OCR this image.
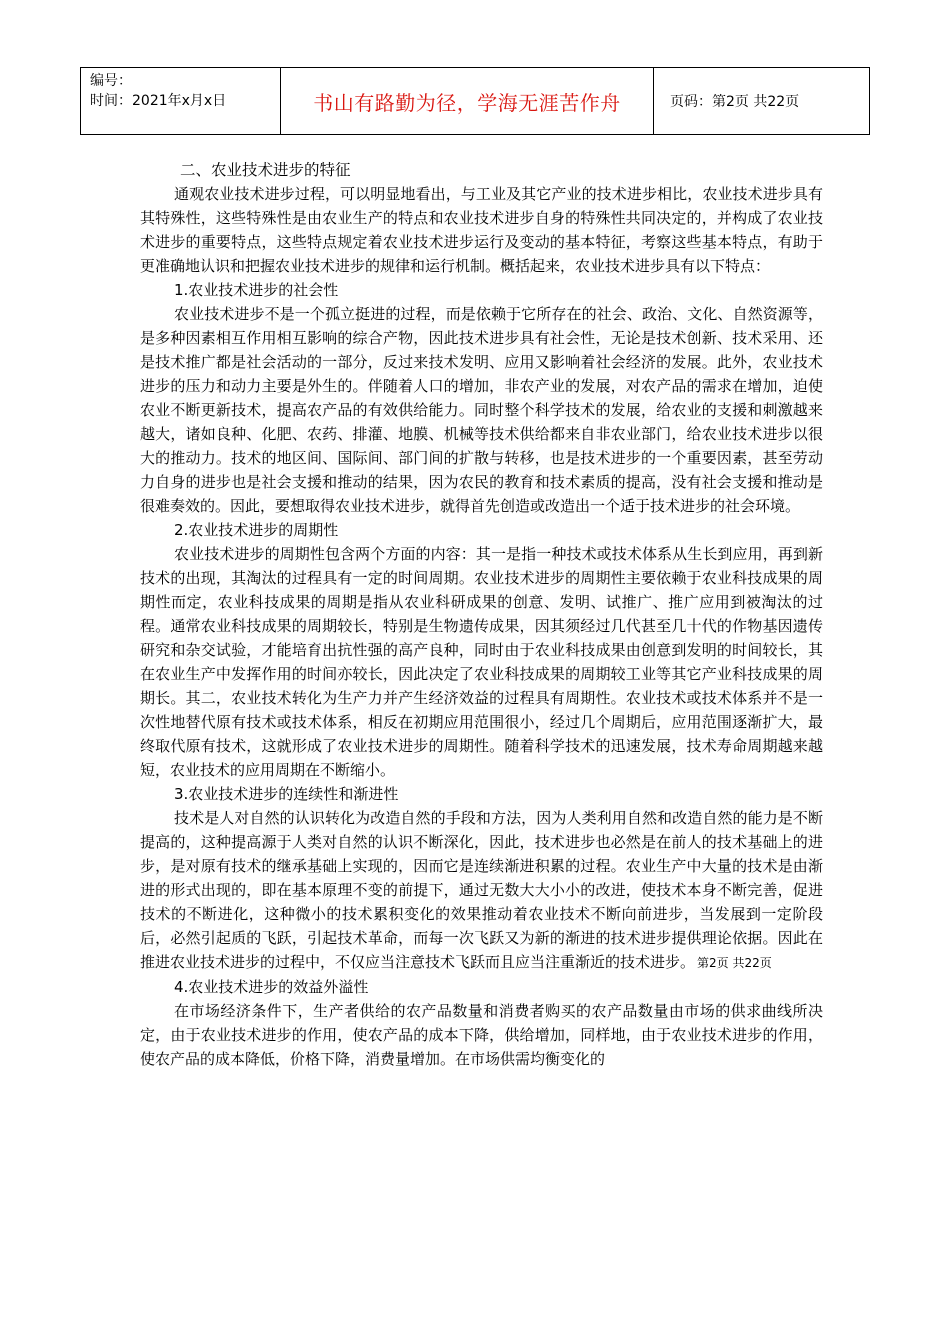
编号：
时间：2021年x月x日	书山有路勤为径，学海无涯苦作舟	页码：第2页 共22页

二、农业技术进步的特征

通观农业技术进步过程，可以明显地看出，与工业及其它产业的技术进步相比，农业技术进步具有其特殊性，这些特殊性是由农业生产的特点和农业技术进步自身的特殊性共同决定的，并构成了农业技术进步的重要特点，这些特点规定着农业技术进步运行及变动的基本特征，考察这些基本特点，有助于更准确地认识和把握农业技术进步的规律和运行机制。概括起来，农业技术进步具有以下特点：

1.农业技术进步的社会性

农业技术进步不是一个孤立挺进的过程，而是依赖于它所存在的社会、政治、文化、自然资源等，是多种因素相互作用相互影响的综合产物，因此技术进步具有社会性，无论是技术创新、技术采用、还是技术推广都是社会活动的一部分，反过来技术发明、应用又影响着社会经济的发展。此外，农业技术进步的压力和动力主要是外生的。伴随着人口的增加，非农产业的发展，对农产品的需求在增加，迫使农业不断更新技术，提高农产品的有效供给能力。同时整个科学技术的发展，给农业的支援和刺激越来越大，诸如良种、化肥、农药、排灌、地膜、机械等技术供给都来自非农业部门，给农业技术进步以很大的推动力。技术的地区间、国际间、部门间的扩散与转移，也是技术进步的一个重要因素，甚至劳动力自身的进步也是社会支援和推动的结果，因为农民的教育和技术素质的提高，没有社会支援和推动是很难奏效的。因此，要想取得农业技术进步，就得首先创造或改造出一个适于技术进步的社会环境。

2.农业技术进步的周期性

农业技术进步的周期性包含两个方面的内容：其一是指一种技术或技术体系从生长到应用，再到新技术的出现，其淘汰的过程具有一定的时间周期。农业技术进步的周期性主要依赖于农业科技成果的周期性而定，农业科技成果的周期是指从农业科研成果的创意、发明、试推广、推广应用到被淘汰的过程。通常农业科技成果的周期较长，特别是生物遗传成果，因其须经过几代甚至几十代的作物基因遗传研究和杂交试验，才能培育出抗性强的高产良种，同时由于农业科技成果由创意到发明的时间较长，其在农业生产中发挥作用的时间亦较长，因此决定了农业科技成果的周期较工业等其它产业科技成果的周期长。其二，农业技术转化为生产力并产生经济效益的过程具有周期性。农业技术或技术体系并不是一次性地替代原有技术或技术体系，相反在初期应用范围很小，经过几个周期后，应用范围逐渐扩大，最终取代原有技术，这就形成了农业技术进步的周期性。随着科学技术的迅速发展，技术寿命周期越来越短，农业技术的应用周期在不断缩小。

3.农业技术进步的连续性和渐进性

技术是人对自然的认识转化为改造自然的手段和方法，因为人类利用自然和改造自然的能力是不断提高的，这种提高源于人类对自然的认识不断深化，因此，技术进步也必然是在前人的技术基础上的进步，是对原有技术的继承基础上实现的，因而它是连续渐进积累的过程。农业生产中大量的技术是由渐进的形式出现的，即在基本原理不变的前提下，通过无数大大小小的改进，使技术本身不断完善，促进技术的不断进化，这种微小的技术累积变化的效果推动着农业技术不断向前进步，当发展到一定阶段后，必然引起质的飞跃，引起技术革命，而每一次飞跃又为新的渐进的技术进步提供理论依据。因此在推进农业技术进步的过程中，不仅应当注意技术飞跃而且应当注重渐近的技术进步。 第2页 共22页

4.农业技术进步的效益外溢性

在市场经济条件下，生产者供给的农产品数量和消费者购买的农产品数量由市场的供求曲线所决定，由于农业技术进步的作用，使农产品的成本下降，供给增加，同样地，由于农业技术进步的作用，使农产品的成本降低，价格下降，消费量增加。在市场供需均衡变化的
